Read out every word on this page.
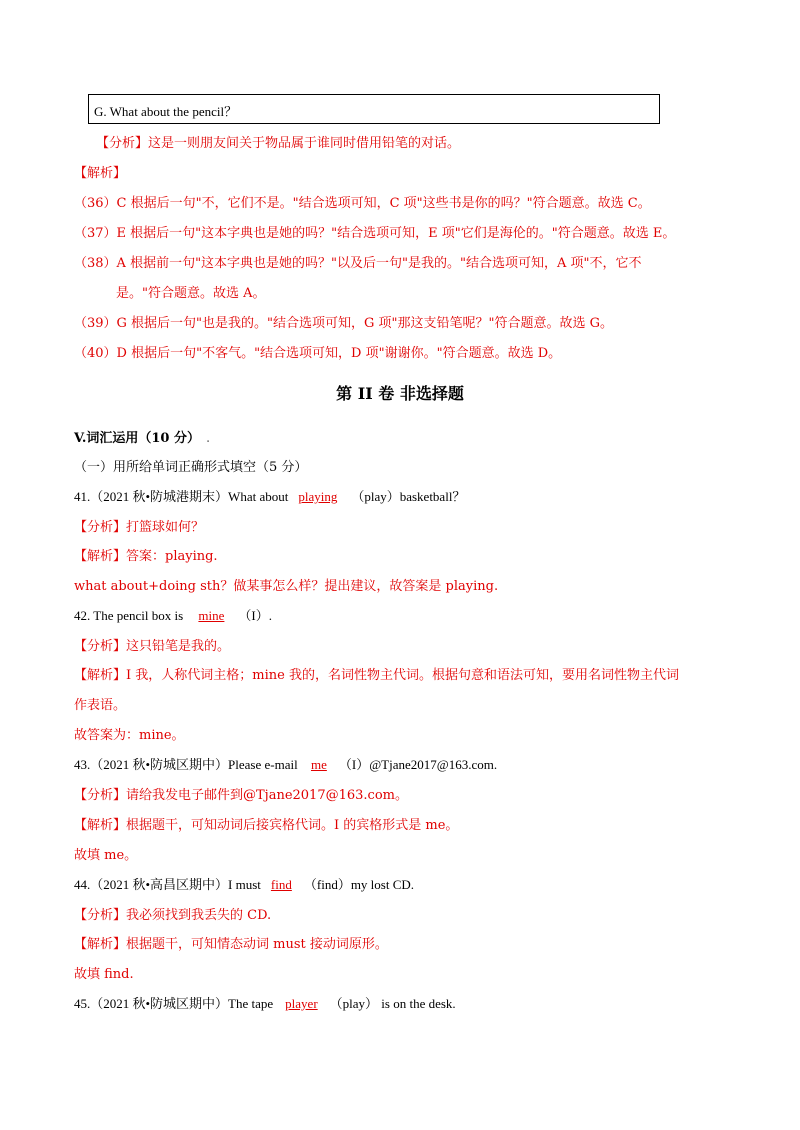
G. What about the pencil？
【分析】这是一则朋友间关于物品属于谁同时借用铅笔的对话。
【解析】
（36）C 根据后一句"不，它们不是。"结合选项可知，C 项"这些书是你的吗？"符合题意。故选 C。
（37）E 根据后一句"这本字典也是她的吗？"结合选项可知，E 项"它们是海伦的。"符合题意。故选 E。
（38）A 根据前一句"这本字典也是她的吗？"以及后一句"是我的。"结合选项可知，A 项"不，它不
是。"符合题意。故选 A。
（39）G 根据后一句"也是我的。"结合选项可知，G 项"那这支铅笔呢？"符合题意。故选 G。
（40）D 根据后一句"不客气。"结合选项可知，D 项"谢谢你。"符合题意。故选 D。
第 II 卷 非选择题
V.词汇运用（10 分） .
（一）用所给单词正确形式填空（5 分）
41.（2021 秋•防城港期末）What about playing （play）basketball？
【分析】打篮球如何？
【解析】答案：playing.
what about+doing sth？做某事怎么样？提出建议，故答案是 playing.
42. The pencil box is mine （I）.
【分析】这只铅笔是我的。
【解析】I 我，人称代词主格；mine 我的，名词性物主代词。根据句意和语法可知，要用名词性物主代词
作表语。
故答案为：mine。
43.（2021 秋•防城区期中）Please e-mail me （I）@Tjane2017@163.com.
【分析】请给我发电子邮件到@Tjane2017@163.com。
【解析】根据题干，可知动词后接宾格代词。I 的宾格形式是 me。
故填 me。
44.（2021 秋•高昌区期中）I must find （find）my lost CD.
【分析】我必须找到我丢失的 CD.
【解析】根据题干，可知情态动词 must 接动词原形。
故填 find.
45.（2021 秋•防城区期中）The tape player （play） is on the desk.
